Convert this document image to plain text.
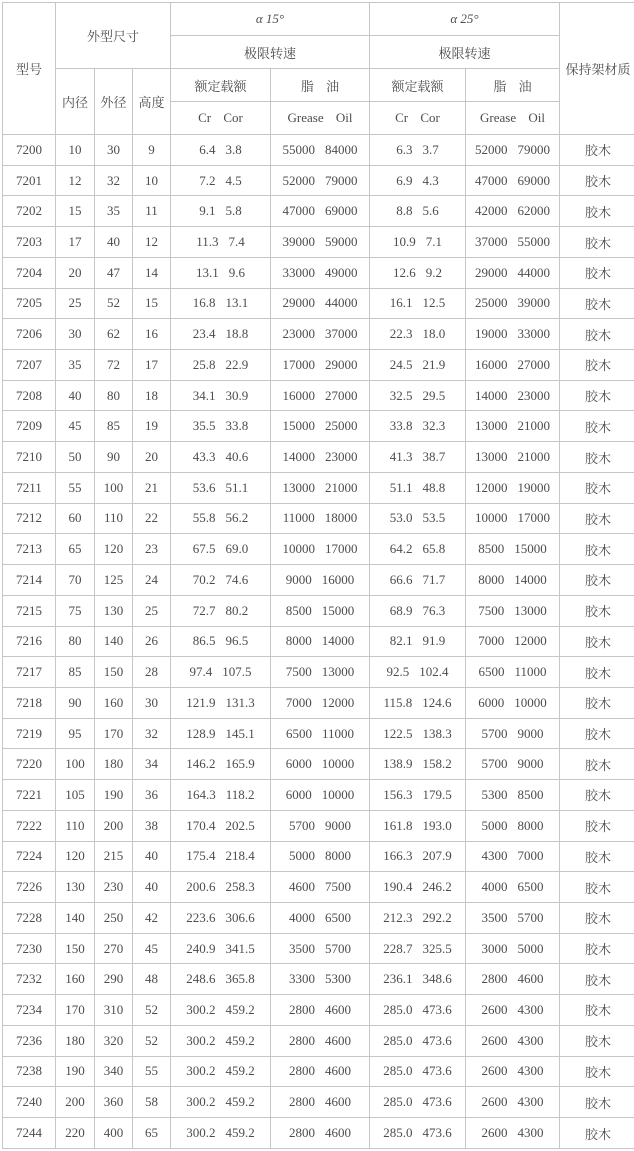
型号	外型尺寸			α 15°		α 25°		保持架材质
				极限转速		极限转速		
	内径	外径	高度	额定载额	脂 油	额定载额	脂 油	
				Cr Cor	Grease Oil	Cr Cor	Grease Oil	
7200	10	30	9	6.4 3.8	55000 84000	6.3 3.7	52000 79000	胶木
7201	12	32	10	7.2 4.5	52000 79000	6.9 4.3	47000 69000	胶木
7202	15	35	11	9.1 5.8	47000 69000	8.8 5.6	42000 62000	胶木
7203	17	40	12	11.3 7.4	39000 59000	10.9 7.1	37000 55000	胶木
7204	20	47	14	13.1 9.6	33000 49000	12.6 9.2	29000 44000	胶木
7205	25	52	15	16.8 13.1	29000 44000	16.1 12.5	25000 39000	胶木
7206	30	62	16	23.4 18.8	23000 37000	22.3 18.0	19000 33000	胶木
7207	35	72	17	25.8 22.9	17000 29000	24.5 21.9	16000 27000	胶木
7208	40	80	18	34.1 30.9	16000 27000	32.5 29.5	14000 23000	胶木
7209	45	85	19	35.5 33.8	15000 25000	33.8 32.3	13000 21000	胶木
7210	50	90	20	43.3 40.6	14000 23000	41.3 38.7	13000 21000	胶木
7211	55	100	21	53.6 51.1	13000 21000	51.1 48.8	12000 19000	胶木
7212	60	110	22	55.8 56.2	11000 18000	53.0 53.5	10000 17000	胶木
7213	65	120	23	67.5 69.0	10000 17000	64.2 65.8	8500 15000	胶木
7214	70	125	24	70.2 74.6	9000 16000	66.6 71.7	8000 14000	胶木
7215	75	130	25	72.7 80.2	8500 15000	68.9 76.3	7500 13000	胶木
7216	80	140	26	86.5 96.5	8000 14000	82.1 91.9	7000 12000	胶木
7217	85	150	28	97.4 107.5	7500 13000	92.5 102.4	6500 11000	胶木
7218	90	160	30	121.9 131.3	7000 12000	115.8 124.6	6000 10000	胶木
7219	95	170	32	128.9 145.1	6500 11000	122.5 138.3	5700 9000	胶木
7220	100	180	34	146.2 165.9	6000 10000	138.9 158.2	5700 9000	胶木
7221	105	190	36	164.3 118.2	6000 10000	156.3 179.5	5300 8500	胶木
7222	110	200	38	170.4 202.5	5700 9000	161.8 193.0	5000 8000	胶木
7224	120	215	40	175.4 218.4	5000 8000	166.3 207.9	4300 7000	胶木
7226	130	230	40	200.6 258.3	4600 7500	190.4 246.2	4000 6500	胶木
7228	140	250	42	223.6 306.6	4000 6500	212.3 292.2	3500 5700	胶木
7230	150	270	45	240.9 341.5	3500 5700	228.7 325.5	3000 5000	胶木
7232	160	290	48	248.6 365.8	3300 5300	236.1 348.6	2800 4600	胶木
7234	170	310	52	300.2 459.2	2800 4600	285.0 473.6	2600 4300	胶木
7236	180	320	52	300.2 459.2	2800 4600	285.0 473.6	2600 4300	胶木
7238	190	340	55	300.2 459.2	2800 4600	285.0 473.6	2600 4300	胶木
7240	200	360	58	300.2 459.2	2800 4600	285.0 473.6	2600 4300	胶木
7244	220	400	65	300.2 459.2	2800 4600	285.0 473.6	2600 4300	胶木
